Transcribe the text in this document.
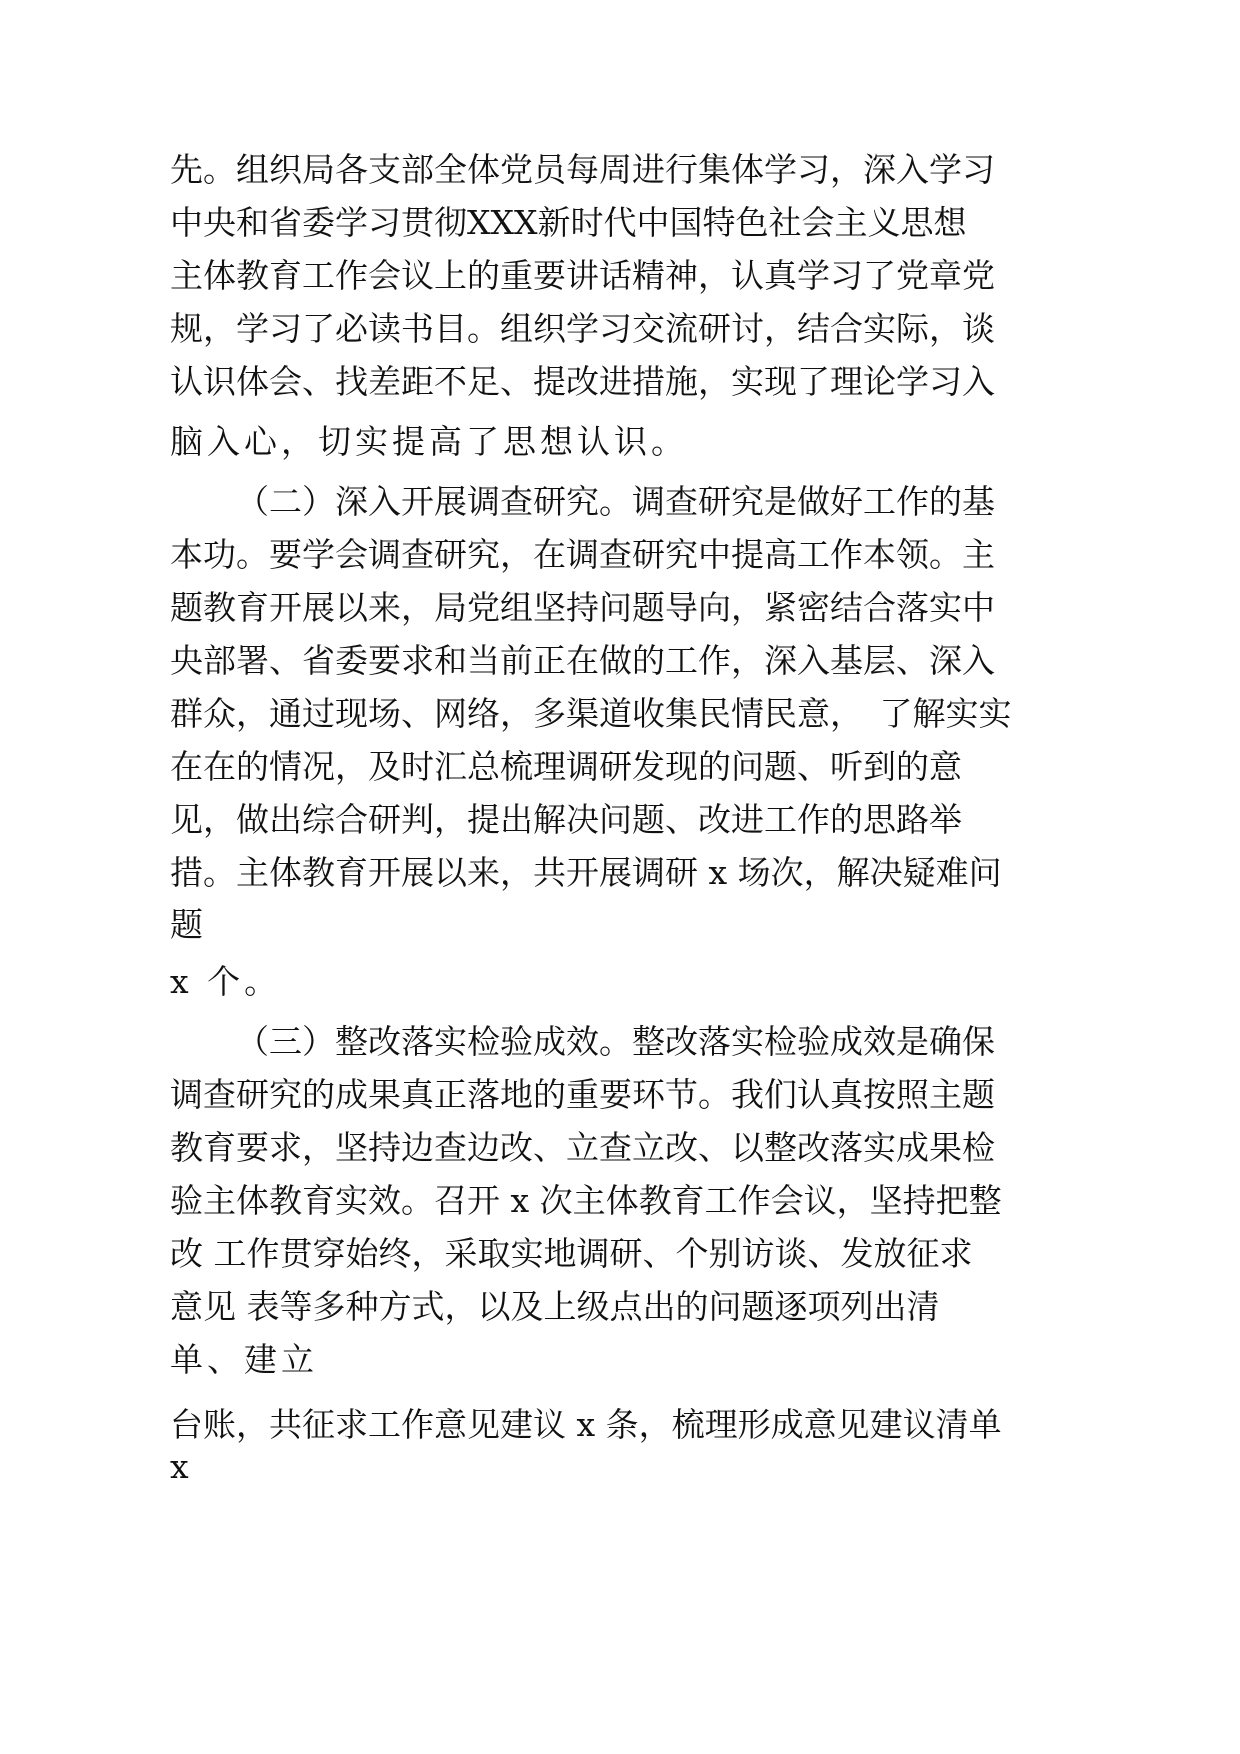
先。组织局各支部全体党员每周进行集体学习，深入学习

中央和省委学习贯彻XXX新时代中国特色社会主义思想

主体教育工作会议上的重要讲话精神，认真学习了党章党

规，学习了必读书目。组织学习交流研讨，结合实际，谈

认识体会、找差距不足、提改进措施，实现了理论学习入

脑入心，切实提高了思想认识。

（二）深入开展调查研究。调查研究是做好工作的基

本功。要学会调查研究，在调查研究中提高工作本领。主

题教育开展以来，局党组坚持问题导向，紧密结合落实中

央部署、省委要求和当前正在做的工作，深入基层、深入

群众，通过现场、网络，多渠道收集民情民意，　了解实实

在在的情况，及时汇总梳理调研发现的问题、听到的意

见，做出综合研判，提出解决问题、改进工作的思路举

措。主体教育开展以来，共开展调研 x 场次，解决疑难问

题

x 个。

（三）整改落实检验成效。整改落实检验成效是确保

调查研究的成果真正落地的重要环节。我们认真按照主题

教育要求，坚持边查边改、立查立改、以整改落实成果检

验主体教育实效。召开 x 次主体教育工作会议，坚持把整

改 工作贯穿始终，采取实地调研、个别访谈、发放征求

意见 表等多种方式，以及上级点出的问题逐项列出清

单、建立

台账，共征求工作意见建议 x 条，梳理形成意见建议清单

x
